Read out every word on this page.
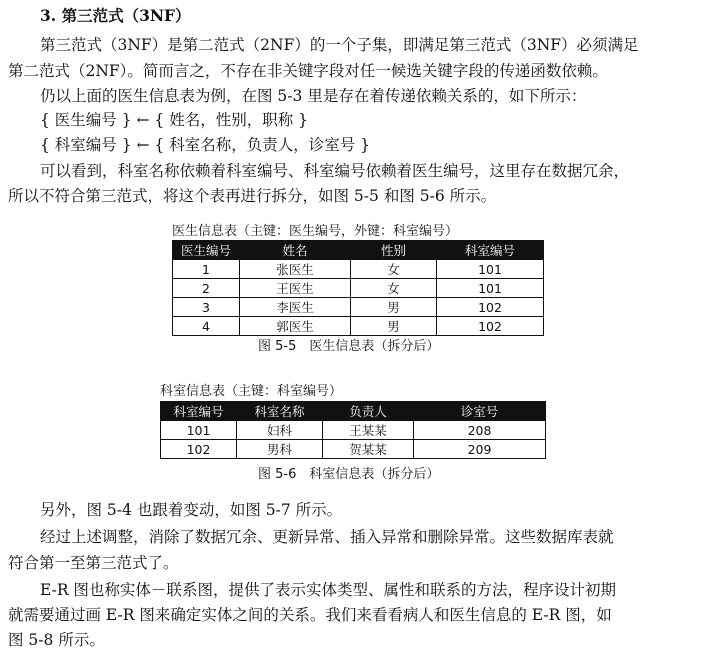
3. 第三范式（3NF）
第三范式（3NF）是第二范式（2NF）的一个子集，即满足第三范式（3NF）必须满足
第二范式（2NF）。简而言之，不存在非关键字段对任一候选关键字段的传递函数依赖。
仍以上面的医生信息表为例，在图 5-3 里是存在着传递依赖关系的，如下所示：
{ 医生编号 } ← { 姓名，性别，职称 }
{ 科室编号 } ← { 科室名称，负责人，诊室号 }
可以看到，科室名称依赖着科室编号、科室编号依赖着医生编号，这里存在数据冗余，
所以不符合第三范式，将这个表再进行拆分，如图 5-5 和图 5-6 所示。
医生信息表（主键：医生编号，外键：科室编号）
医生编号	姓名	性别	科室编号
1	张医生	女	101
2	王医生	女	101
3	李医生	男	102
4	郭医生	男	102
图 5-5　医生信息表（拆分后）
科室信息表（主键：科室编号）
科室编号	科室名称	负责人	诊室号
101	妇科	王某某	208
102	男科	贺某某	209
图 5-6　科室信息表（拆分后）
另外，图 5-4 也跟着变动，如图 5-7 所示。
经过上述调整，消除了数据冗余、更新异常、插入异常和删除异常。这些数据库表就
符合第一至第三范式了。
E-R 图也称实体－联系图，提供了表示实体类型、属性和联系的方法，程序设计初期
就需要通过画 E-R 图来确定实体之间的关系。我们来看看病人和医生信息的 E-R 图，如
图 5-8 所示。
